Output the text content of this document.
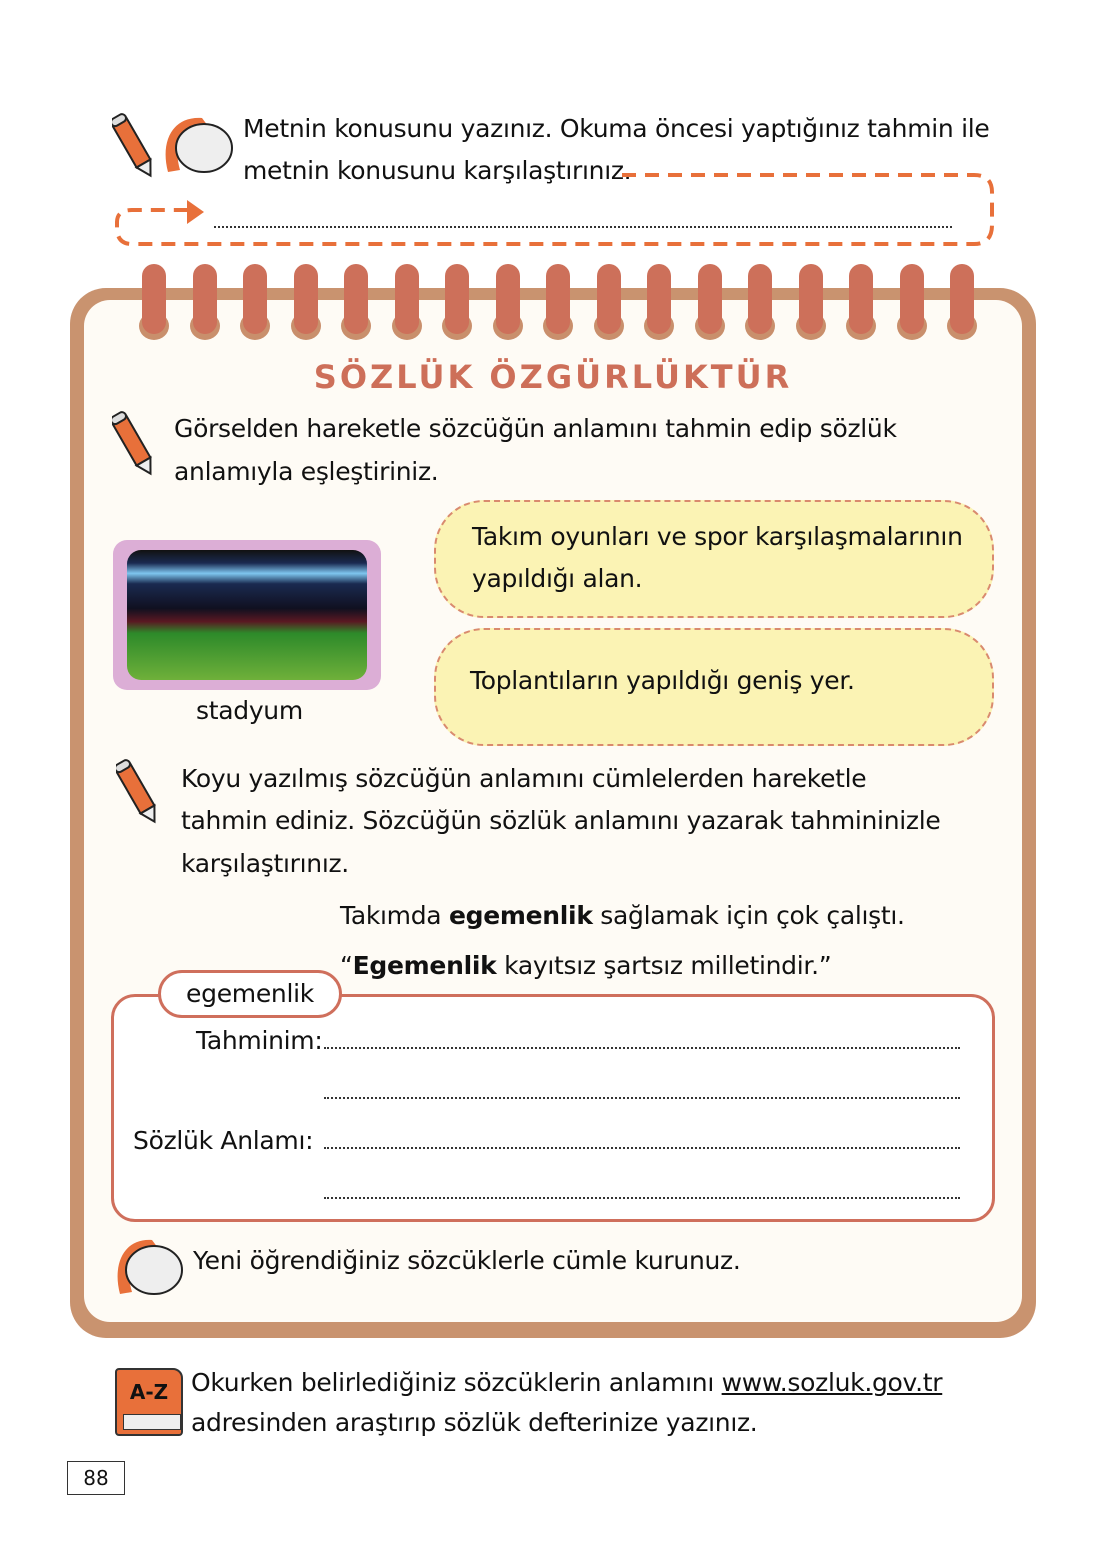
Metnin konusunu yazınız. Okuma öncesi yaptığınız tahmin ile
metnin konusunu karşılaştırınız.
SÖZLÜK ÖZGÜRLÜKTÜR
Görselden hareketle sözcüğün anlamını tahmin edip sözlük
anlamıyla eşleştiriniz.
stadyum
Takım oyunları ve spor karşılaşmalarının
yapıldığı alan.
Toplantıların yapıldığı geniş yer.
Koyu yazılmış sözcüğün anlamını cümlelerden hareketle
tahmin ediniz. Sözcüğün sözlük anlamını yazarak tahmininizle
karşılaştırınız.
Takımda egemenlik sağlamak için çok çalıştı.
“Egemenlik kayıtsız şartsız milletindir.”
egemenlik
Tahminim:
Sözlük Anlamı:
Yeni öğrendiğiniz sözcüklerle cümle kurunuz.
A-Z Okurken belirlediğiniz sözcüklerin anlamını www.sozluk.gov.tr
adresinden araştırıp sözlük defterinize yazınız.
88
